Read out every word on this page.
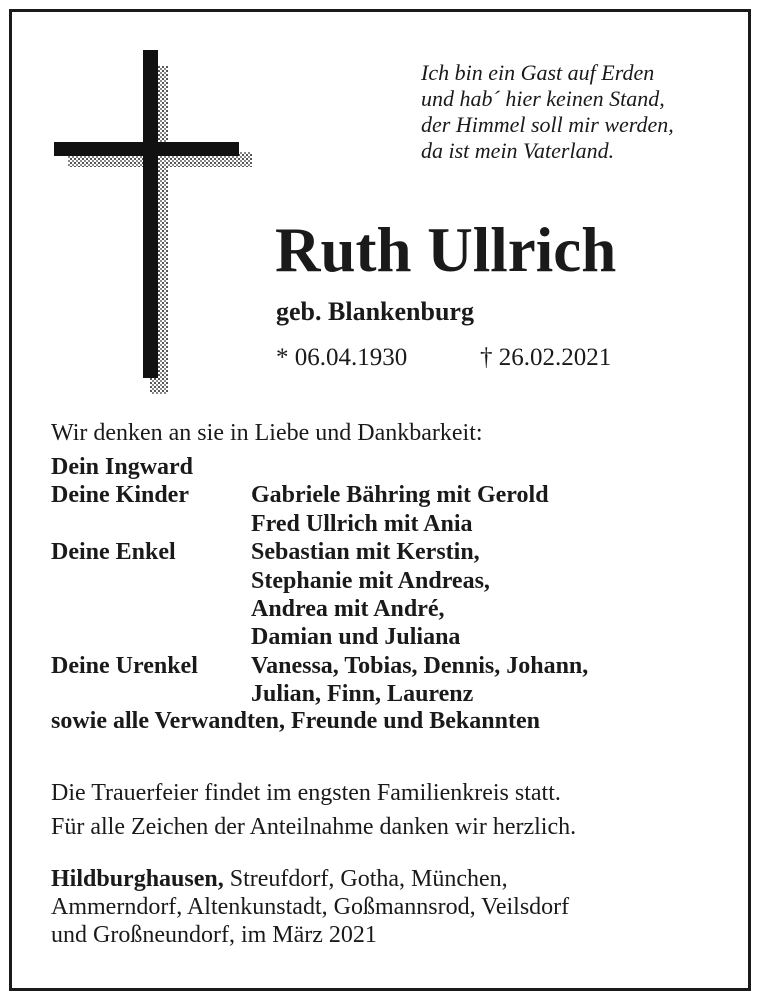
Ich bin ein Gast auf Erden
und hab´ hier keinen Stand,
der Himmel soll mir werden,
da ist mein Vaterland.
Ruth Ullrich
geb. Blankenburg
* 06.04.1930	† 26.02.2021
Wir denken an sie in Liebe und Dankbarkeit:
Dein Ingward
Deine Kinder	Gabriele Bähring mit Gerold
Fred Ullrich mit Ania
Deine Enkel	Sebastian mit Kerstin,
Stephanie mit Andreas,
Andrea mit André,
Damian und Juliana
Deine Urenkel Vanessa, Tobias, Dennis, Johann,
Julian, Finn, Laurenz
sowie alle Verwandten, Freunde und Bekannten
Die Trauerfeier findet im engsten Familienkreis statt.
Für alle Zeichen der Anteilnahme danken wir herzlich.
Hildburghausen, Streufdorf, Gotha, München,
Ammerndorf, Altenkunstadt, Goßmannsrod, Veilsdorf
und Großneundorf, im März 2021
